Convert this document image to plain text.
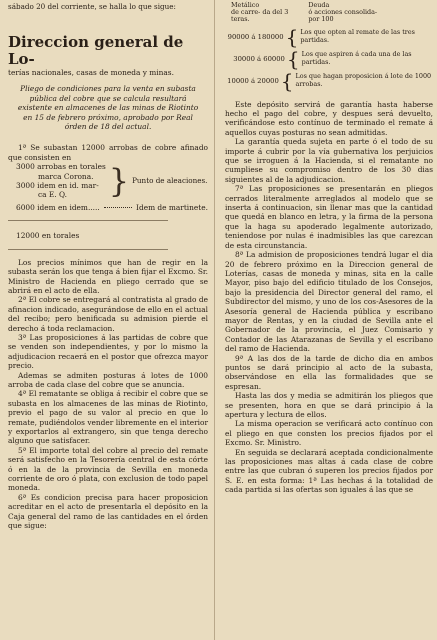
sábado 20 del corriente, se halla lo que sigue:

Direccion general de Lo-
terías nacionales, casas de moneda y minas.

Pliego de condiciones para la venta en subasta pública del cobre que se calcula resultará existente en almacenes de las minas de Riotinto en 15 de febrero próximo, aprobado por Real órden de 18 del actual.

1ª Se subastan 12000 arrobas de cobre afinado que consisten en

3000 arrobas en torales
marca Corona.
3000 idem en id. mar-
ca E. Q.	} Punto de aleaciones.
6000 idem en idem.....	Idem de martinete.
12000 en torales

Los precios mínimos que han de regir en la subasta serán los que tenga á bien fijar el Excmo. Sr. Ministro de Hacienda en pliego cerrado que se abrirá en el acto de ella.

2ª El cobre se entregará al contratista al grado de afinacion indicado, asegurándose de ello en el actual del recibo; pero benificada su admision pierde el derecho á toda reclamacion.

3ª Las proposiciones á las partidas de cobre que se venden son independientes, y por lo mismo la adjudicacion recaerá en el postor que ofrezca mayor precio.

Ademas se admiten posturas á lotes de 1000 arroba de cada clase del cobre que se anuncia.

4ª El rematante se obliga á recibir el cobre que se subasta en los almacenes de las minas de Riotinto, previo el pago de su valor al precio en que lo remate, pudiéndolos vender libremente en el interior y exportarlos al extrangero, sin que tenga derecho alguno que satisfacer.

5ª El importe total del cobre al precio del remate será satisfecho en la Tesorería central de esta córte ó en la de la provincia de Sevilla en moneda corriente de oro ó plata, con exclusion de todo papel moneda.

6ª Es condicion precisa para hacer proposicion acreditar en el acto de presentarla el depósito en la Caja general del ramo de las cantidades en el órden que sigue:

Metálico
de carre- da del 3
teras.
Deuda
ó acciones consolida-
por 100
90000 á 180000 { Los que opten al remate de las tres partidas.
30000 á 60000 { Los que aspiren á cada una de las partidas.
10000 á 20000 { Los que hagan proposicion á lote de 1000 arrobas.

Este depósito servirá de garantía hasta haberse hecho el pago del cobre, y despues será devuelto, verificándose esto contínuo de terminado el remate á aquellos cuyas posturas no sean admitidas.

La garantía queda sujeta en parte ó el todo de su importe á cubrir por la vía gubernativa los perjuicios que se irroguen á la Hacienda, si el rematante no cumpliese su compromiso dentro de los 30 dias siguientes al de la adjudicacion.

7ª Las proposiciones se presentarán en pliegos cerrados literalmente arreglados al modelo que se inserta á continuacion, sin llenar mas que la cantidad que quedá en blanco en letra, y la firma de la persona que la haga su apoderado legalmente autorizado, teniendose por nulas é inadmisibles las que carezcan de esta circunstancia.

8ª La admision de proposiciones tendrá lugar el dia 20 de febrero próximo en la Direccion general de Loterías, casas de moneda y minas, sita en la calle Mayor, piso bajo del edificio titulado de los Consejos, bajo la presidencia del Director general del ramo, el Subdirector del mismo, y uno de los cos-Asesores de la Asesoría general de Hacienda pública y escribano mayor de Rentas, y en la ciudad de Sevilla ante el Gobernador de la provincia, el Juez Comisario y Contador de las Atarazanas de Sevilla y el escribano del ramo de Hacienda.

9ª A las dos de la tarde de dicho dia en ambos puntos se dará principio al acto de la subasta, observándose en ella las formalidades que se espresan.

Hasta las dos y media se admitirán los pliegos que se presenten, hora en que se dará principio á la apertura y lectura de ellos.

La misma operacion se verificará acto contínuo con el pliego en que consten los precios fijados por el Excmo. Sr. Ministro.

En seguida se declarará aceptada condicionalmente las proposiciones mas altas á cada clase de cobre entre las que cubran ó superen los precios fijados por S. E. en esta forma: 1ª Las hechas á la totalidad de cada partida si las ofertas son iguales á las que se
